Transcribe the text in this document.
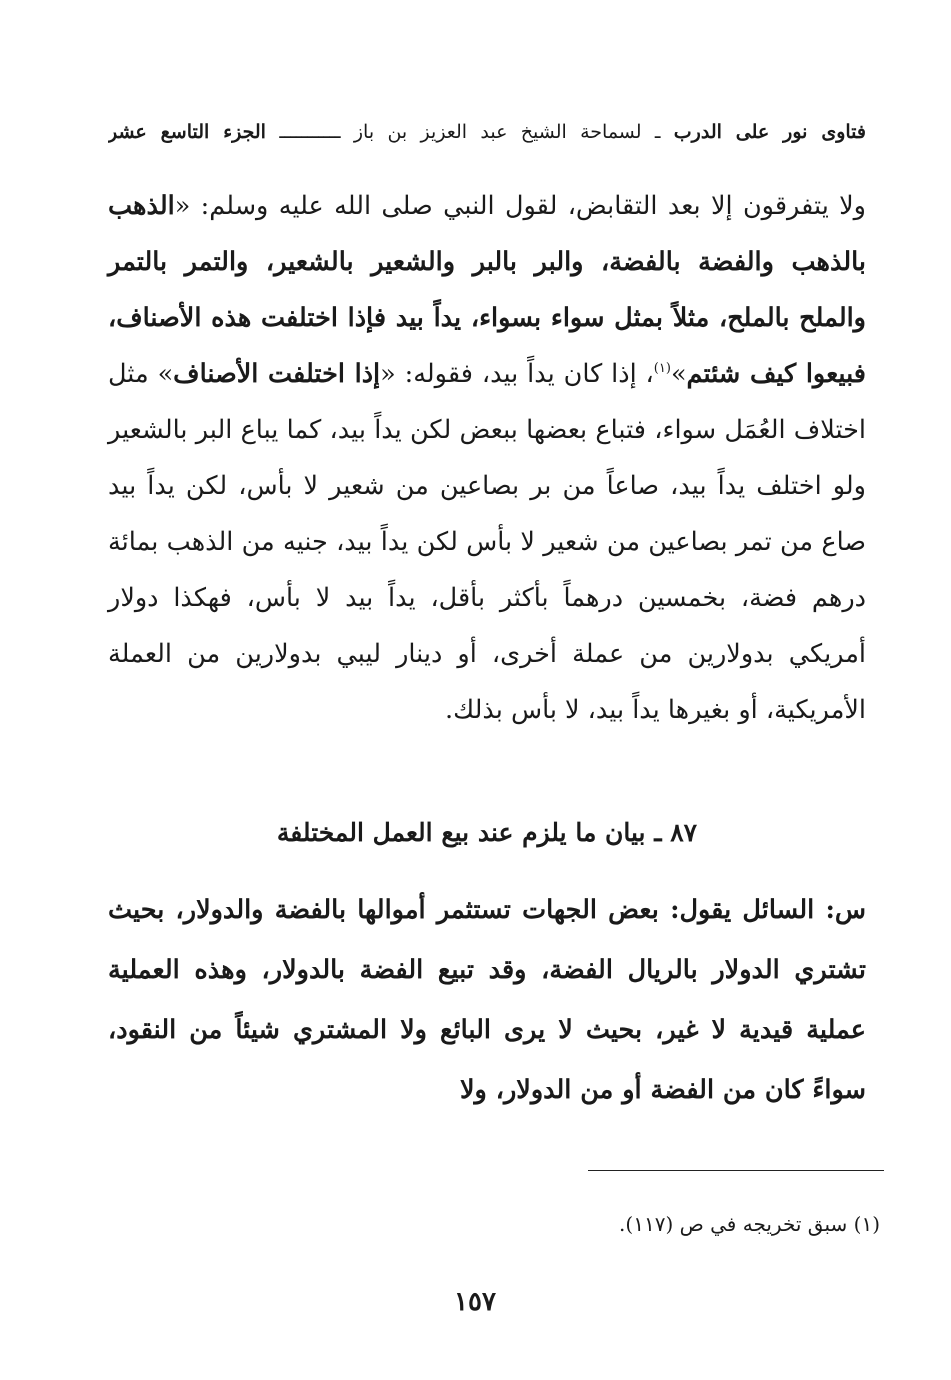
فتاوى نور على الدرب ـ لسماحة الشيخ عبد العزيز بن باز ـــــــــــ الجزء التاسع عشر

ولا يتفرقون إلا بعد التقابض، لقول النبي صلى الله عليه وسلم: «الذهب بالذهب والفضة بالفضة، والبر بالبر والشعير بالشعير، والتمر بالتمر والملح بالملح، مثلاً بمثل سواء بسواء، يداً بيد فإذا اختلفت هذه الأصناف، فبيعوا كيف شئتم»$^{(١)}$، إذا كان يداً بيد، فقوله: «إذا اختلفت الأصناف» مثل اختلاف العُمَل سواء، فتباع بعضها ببعض لكن يداً بيد، كما يباع البر بالشعير ولو اختلف يداً بيد، صاعاً من بر بصاعين من شعير لا بأس، لكن يداً بيد صاع من تمر بصاعين من شعير لا بأس لكن يداً بيد، جنيه من الذهب بمائة درهم فضة، بخمسين درهماً بأكثر بأقل، يداً بيد لا بأس، فهكذا دولار أمريكي بدولارين من عملة أخرى، أو دينار ليبي بدولارين من العملة الأمريكية، أو بغيرها يداً بيد، لا بأس بذلك.

٨٧ ـ بيان ما يلزم عند بيع العمل المختلفة
س: السائل يقول: بعض الجهات تستثمر أموالها بالفضة والدولار، بحيث تشتري الدولار بالريال الفضة، وقد تبيع الفضة بالدولار، وهذه العملية عملية قيدية لا غير، بحيث لا يرى البائع ولا المشتري شيئاً من النقود، سواءً كان من الفضة أو من الدولار، ولا

(١) سبق تخريجه في ص (١١٧).

١٥٧
